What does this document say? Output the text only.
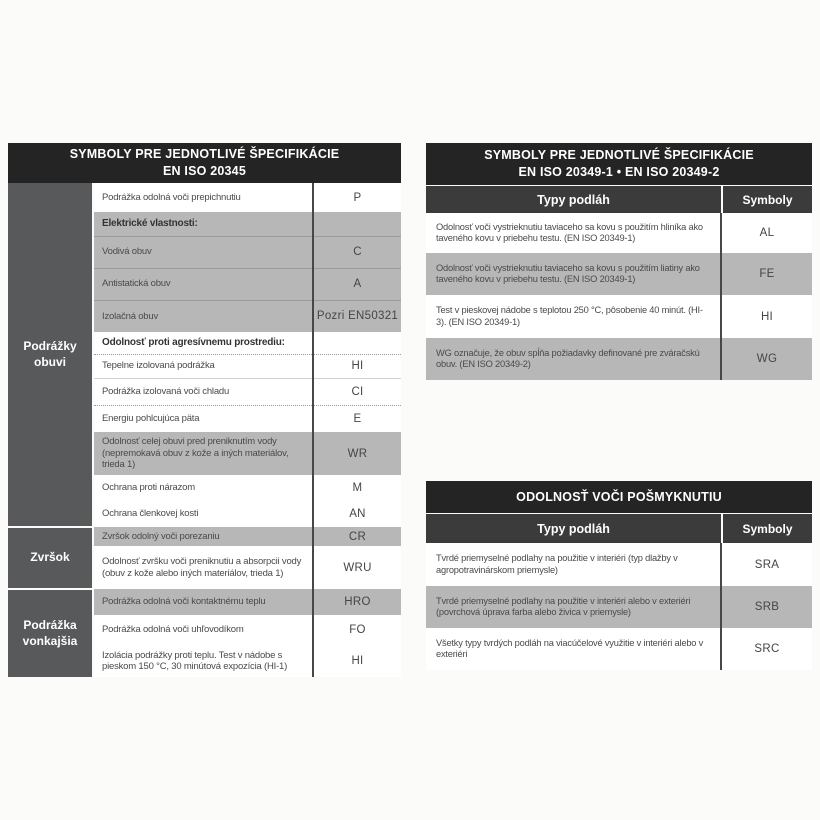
SYMBOLY PRE JEDNOTLIVÉ ŠPECIFIKÁCIE
EN ISO 20345
Podrážky obuvi	Podrážka odolná voči prepichnutiu	P
	Elektrické vlastnosti:	
	Vodivá obuv	C
	Antistatická obuv	A
	Izolačná obuv	Pozri EN50321
	Odolnosť proti agresívnemu prostrediu:	
	Tepelne izolovaná podrážka	HI
	Podrážka izolovaná voči chladu	CI
	Energiu pohlcujúca päta	E
	Odolnosť celej obuvi pred preniknutím vody (nepremokavá obuv z kože a iných materiálov, trieda 1)	WR
	Ochrana proti nárazom	M
	Ochrana členkovej kosti	AN
Zvršok	Zvršok odolný voči porezaniu	CR
	Odolnosť zvršku voči preniknutiu a absorpcii vody (obuv z kože alebo iných materiálov, trieda 1)	WRU
Podrážka vonkajšia	Podrážka odolná voči kontaktnému teplu	HRO
	Podrážka odolná voči uhľovodíkom	FO
	Izolácia podrážky proti teplu. Test v nádobe s pieskom 150 °C, 30 minútová expozícia (HI-1)	HI
SYMBOLY PRE JEDNOTLIVÉ ŠPECIFIKÁCIE
EN ISO 20349-1 • EN ISO 20349-2
Typy podláh	Symboly
Odolnosť voči vystrieknutiu taviaceho sa kovu s použitím hliníka ako taveného kovu v priebehu testu. (EN ISO 20349-1)	AL
Odolnosť voči vystrieknutiu taviaceho sa kovu s použitím liatiny ako taveného kovu v priebehu testu. (EN ISO 20349-1)	FE
Test v pieskovej nádobe s teplotou 250 °C, pôsobenie 40 minút. (HI-3). (EN ISO 20349-1)	HI
WG označuje, že obuv spĺňa požiadavky definované pre zváračskú obuv. (EN ISO 20349-2)	WG
ODOLNOSŤ VOČI POŠMYKNUTIU
Typy podláh	Symboly
Tvrdé priemyselné podlahy na použitie v interiéri (typ dlažby v agropotravinárskom priemysle)	SRA
Tvrdé priemyselné podlahy na použitie v interiéri alebo v exteriéri (povrchová úprava farba alebo živica v priemysle)	SRB
Všetky typy tvrdých podláh na viacúčelové využitie v interiéri alebo v exteriéri	SRC
